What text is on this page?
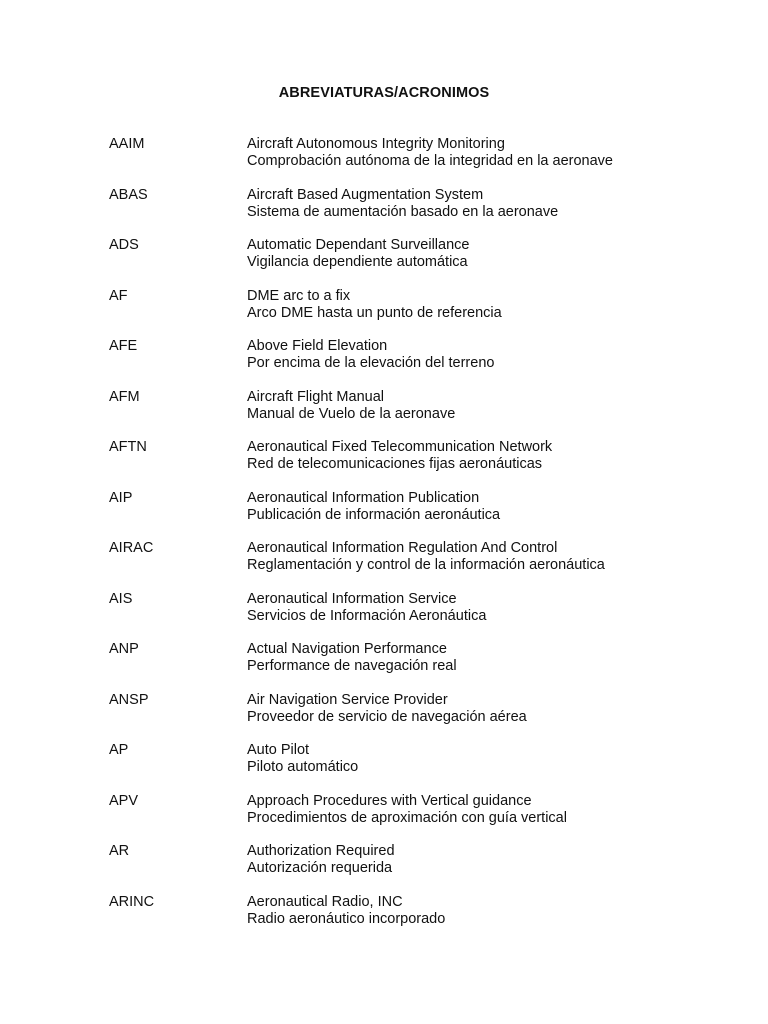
ABREVIATURAS/ACRONIMOS
AAIM	Aircraft Autonomous Integrity Monitoring
Comprobación autónoma de la integridad en la aeronave
ABAS	Aircraft Based Augmentation System
Sistema de aumentación basado en la aeronave
ADS	Automatic Dependant Surveillance
Vigilancia dependiente automática
AF	DME arc to a fix
Arco DME hasta un punto de referencia
AFE	Above Field Elevation
Por encima de la elevación del terreno
AFM	Aircraft Flight Manual
Manual de Vuelo de la aeronave
AFTN	Aeronautical Fixed Telecommunication Network
Red de telecomunicaciones fijas aeronáuticas
AIP	Aeronautical Information Publication
Publicación de información aeronáutica
AIRAC	Aeronautical Information Regulation And Control
Reglamentación y control de la información aeronáutica
AIS	Aeronautical Information Service
Servicios de Información Aeronáutica
ANP	Actual Navigation Performance
Performance de navegación real
ANSP	Air Navigation Service Provider
Proveedor de servicio de navegación aérea
AP	Auto Pilot
Piloto automático
APV	Approach Procedures with Vertical guidance
Procedimientos de aproximación con guía vertical
AR	Authorization Required
Autorización requerida
ARINC	Aeronautical Radio, INC
Radio aeronáutico incorporado
